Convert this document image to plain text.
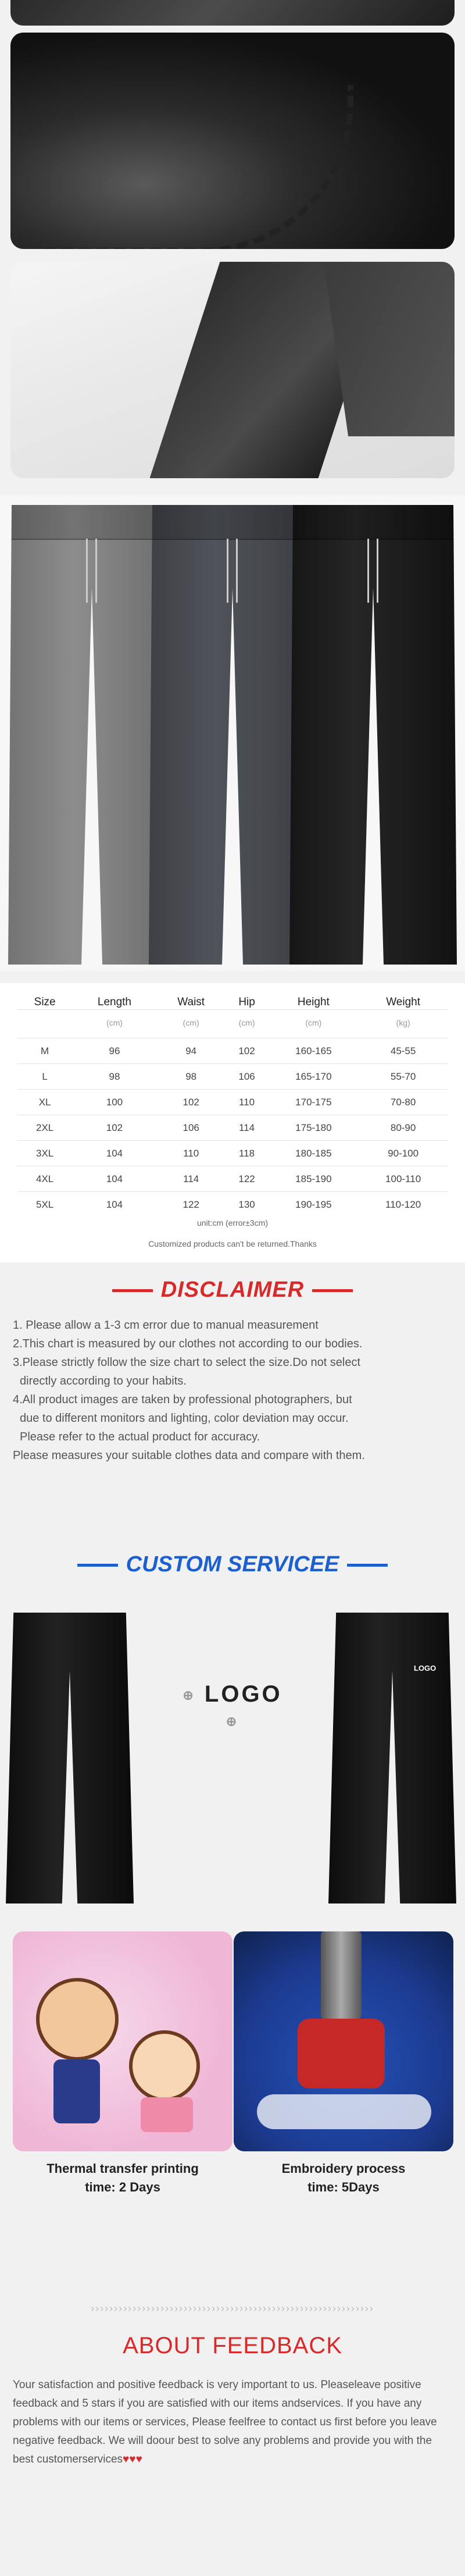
Size	Length	Waist	Hip	Height	Weight
	(cm)	(cm)	(cm)	(cm)	(kg)
M	96	94	102	160-165	45-55
L	98	98	106	165-170	55-70
XL	100	102	110	170-175	70-80
2XL	102	106	114	175-180	80-90
3XL	104	110	118	180-185	90-100
4XL	104	114	122	185-190	100-110
5XL	104	122	130	190-195	110-120
unit:cm (error±3cm)
Customized products can't be returned.Thanks
DISCLAIMER
1. Please allow a 1-3 cm error due to manual measurement
2.This chart is measured by our clothes not according to our bodies.
3.Please strictly follow the size chart to select the size.Do not select
directly according to your habits.
4.All product images are taken by professional photographers, but
due to different monitors and lighting, color deviation may occur.
Please refer to the actual product for accuracy.
Please measures your suitable clothes data and compare with them.
CUSTOM SERVICEE
⊕ LOGO ⊕
LOGO
Thermal transfer printing
time: 2 Days
Embroidery process
time: 5Days
›››››››››››››››››››››››››››››››››››››››››››››››››››››››››››››
ABOUT FEEDBACK
Your satisfaction and positive feedback is very important to us. Pleaseleave positive feedback and 5 stars if you are satisfied with our items andservices. If you have any problems with our items or services, Please feelfree to contact us first before you leave negative feedback. We will doour best to solve any problems and provide you with the best customerservices♥♥♥
